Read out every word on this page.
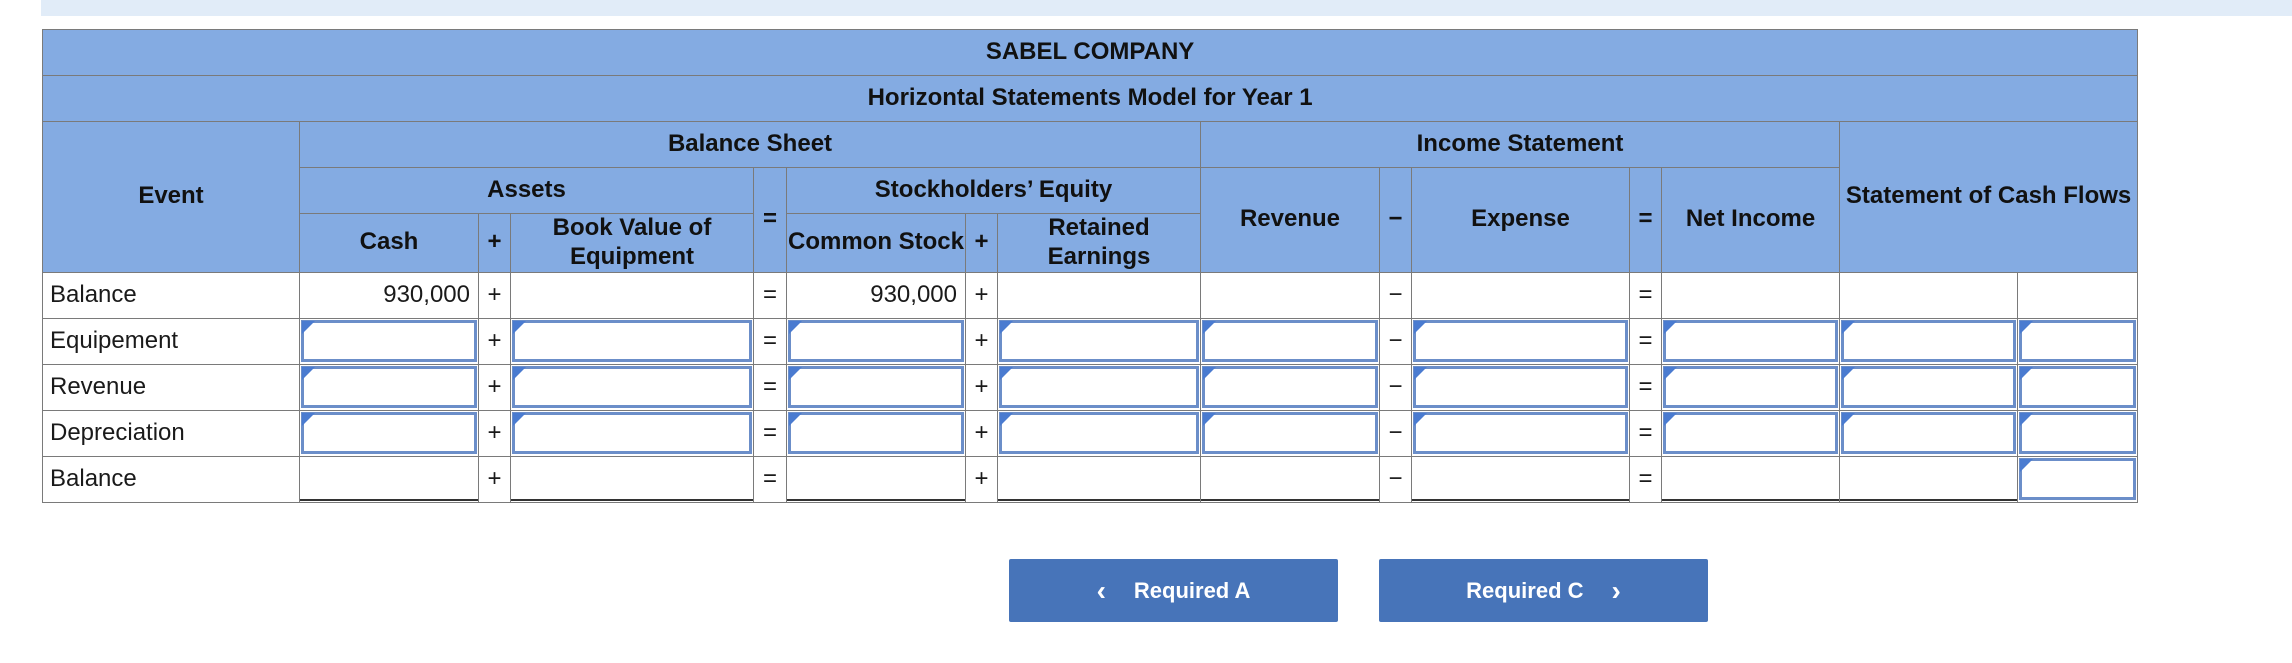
SABEL COMPANY														
Horizontal Statements Model for Year 1														
Event	Balance Sheet							Income Statement					Statement of Cash Flows	
	Assets			=	Stockholders’ Equity			Revenue	−	Expense	=	Net Income		
	Cash	+	Book Value of Equipment		Common Stock	+	Retained Earnings							
Balance	930,000	+		=	930,000	+			−		=			
Equipement		+		=		+			−		=	

Revenue		+		=		+			−		=	

Depreciation		+		=		+			−		=	

Balance		+		=		+			−		=	

‹ Required A	Required C ›
